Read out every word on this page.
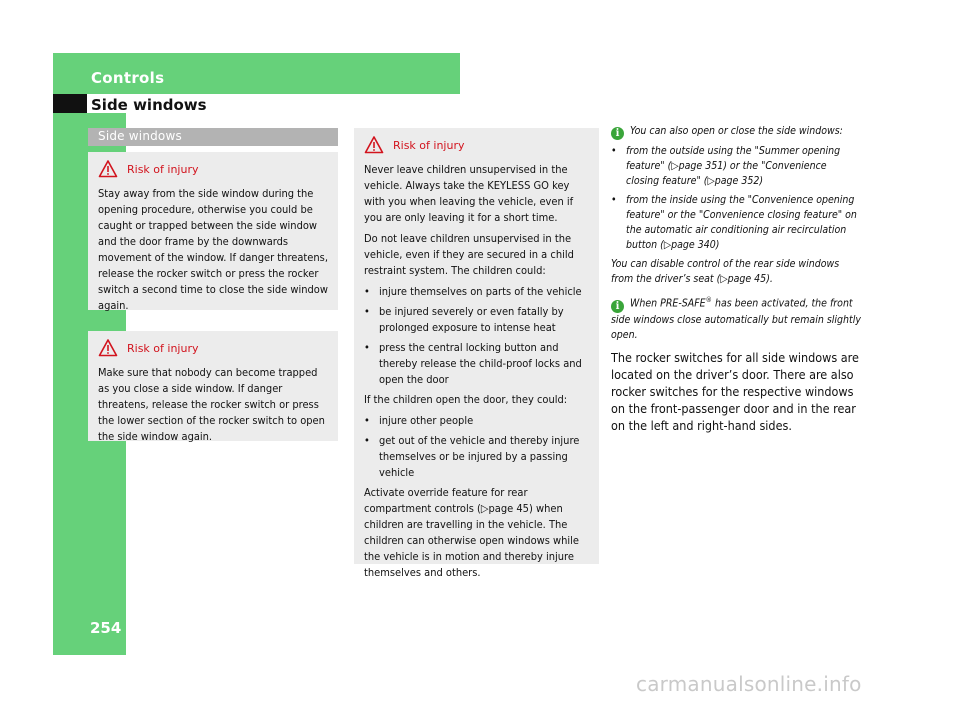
Controls
Side windows
254
Side windows
Risk of injury

Stay away from the side window during the opening procedure, otherwise you could be caught or trapped between the side window and the door frame by the downwards movement of the window. If danger threatens, release the rocker switch or press the rocker switch a second time to close the side window again.

Risk of injury

Make sure that nobody can become trapped as you close a side window. If danger threatens, release the rocker switch or press the lower section of the rocker switch to open the side window again.

Risk of injury

Never leave children unsupervised in the vehicle. Always take the KEYLESS GO key with you when leaving the vehicle, even if you are only leaving it for a short time.

Do not leave children unsupervised in the vehicle, even if they are secured in a child restraint system. The children could:

• injure themselves on parts of the vehicle
• be injured severely or even fatally by prolonged exposure to intense heat
• press the central locking button and thereby release the child-proof locks and open the door

If the children open the door, they could:

• injure other people
• get out of the vehicle and thereby injure themselves or be injured by a passing vehicle

Activate override feature for rear compartment controls (▷page 45) when children are travelling in the vehicle. The children can otherwise open windows while the vehicle is in motion and thereby injure themselves and others.

i You can also open or close the side windows:

• from the outside using the "Summer opening feature" (▷page 351) or the "Convenience closing feature" (▷page 352)
• from the inside using the "Convenience opening feature" or the "Convenience closing feature" on the automatic air conditioning air recirculation button (▷page 340)

You can disable control of the rear side windows from the driver’s seat (▷page 45).

i When PRE-SAFE® has been activated, the front side windows close automatically but remain slightly open.

The rocker switches for all side windows are located on the driver’s door. There are also rocker switches for the respective windows on the front-passenger door and in the rear on the left and right-hand sides.

carmanualsonline.info
